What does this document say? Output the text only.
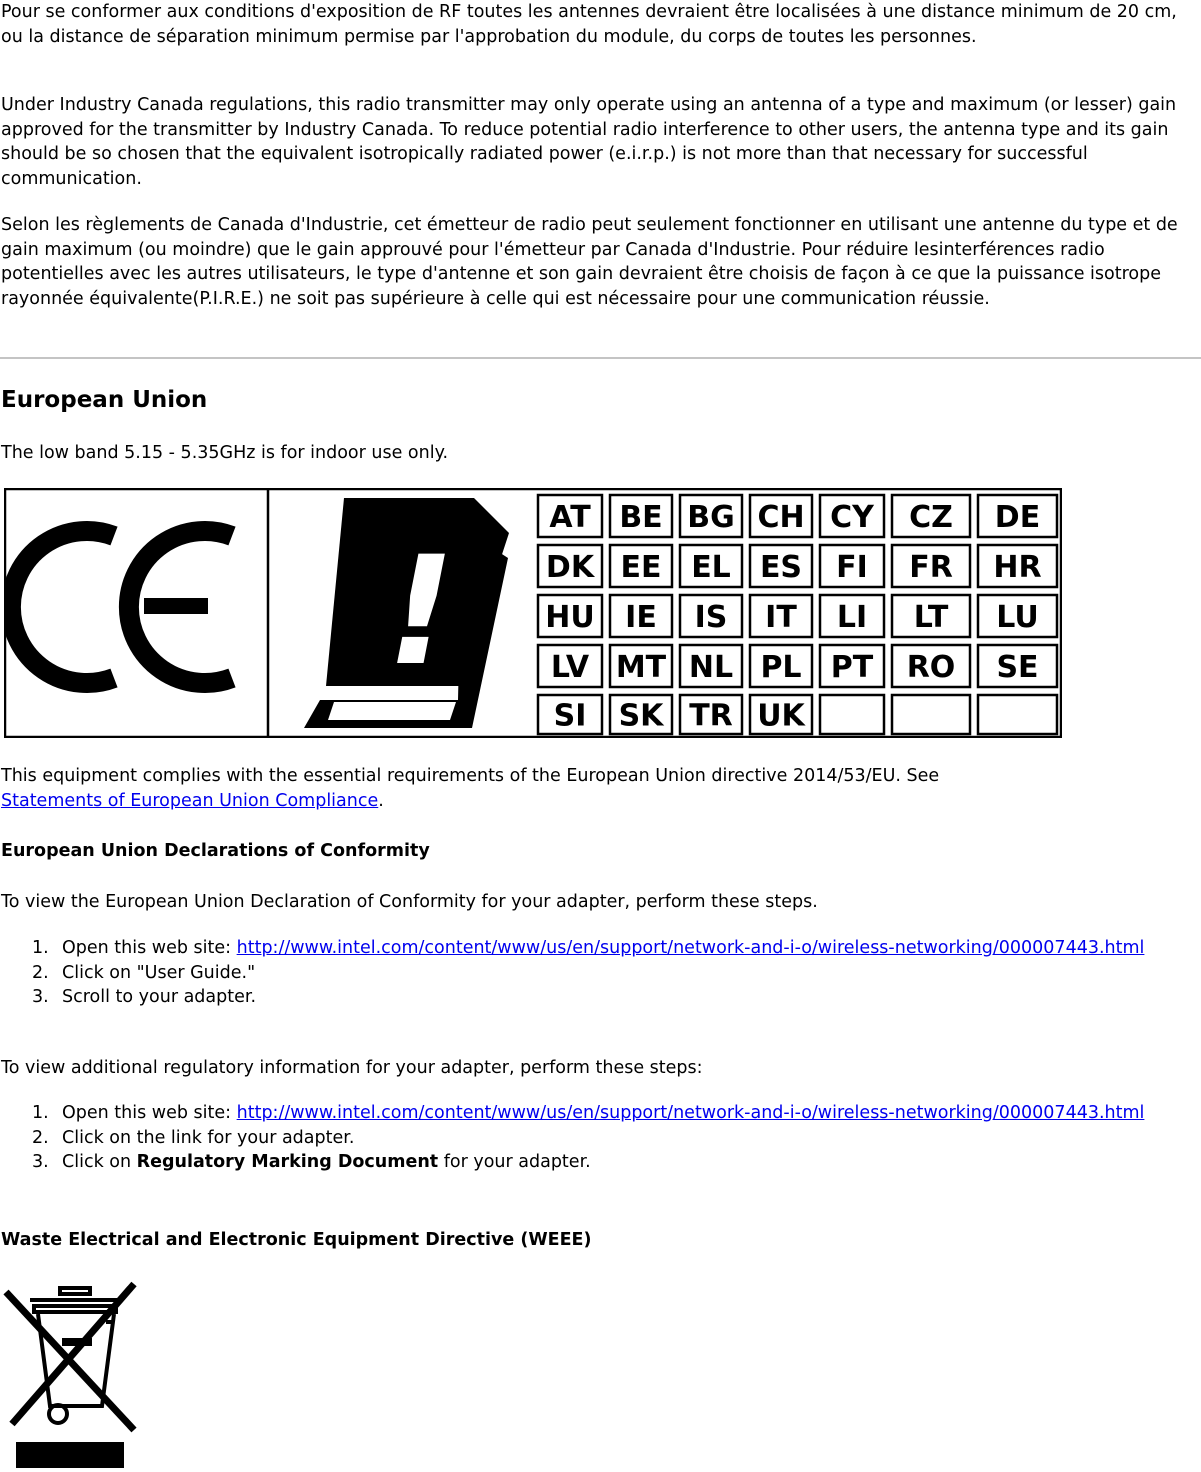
Pour se conformer aux conditions d'exposition de RF toutes les antennes devraient être localisées à une distance minimum de 20 cm, ou la distance de séparation minimum permise par l'approbation du module, du corps de toutes les personnes.

Under Industry Canada regulations, this radio transmitter may only operate using an antenna of a type and maximum (or lesser) gain approved for the transmitter by Industry Canada. To reduce potential radio interference to other users, the antenna type and its gain should be so chosen that the equivalent isotropically radiated power (e.i.r.p.) is not more than that necessary for successful communication.

Selon les règlements de Canada d'Industrie, cet émetteur de radio peut seulement fonctionner en utilisant une antenne du type et de gain maximum (ou moindre) que le gain approuvé pour l'émetteur par Canada d'Industrie. Pour réduire lesinterférences radio potentielles avec les autres utilisateurs, le type d'antenne et son gain devraient être choisis de façon à ce que la puissance isotrope rayonnée équivalente(P.I.R.E.) ne soit pas supérieure à celle qui est nécessaire pour une communication réussie.

European Union

The low band 5.15 - 5.35GHz is for indoor use only.

!
AT BE BG CH CY CZ DE
DK EE EL ES FI FR HR
HU IE IS IT LI LT LU
LV MT NL PL PT RO SE
SI SK TR UK

This equipment complies with the essential requirements of the European Union directive 2014/53/EU. See
Statements of European Union Compliance.

European Union Declarations of Conformity

To view the European Union Declaration of Conformity for your adapter, perform these steps.

1. Open this web site: http://www.intel.com/content/www/us/en/support/network-and-i-o/wireless-networking/000007443.html
2. Click on "User Guide."
3. Scroll to your adapter.

To view additional regulatory information for your adapter, perform these steps:

1. Open this web site: http://www.intel.com/content/www/us/en/support/network-and-i-o/wireless-networking/000007443.html
2. Click on the link for your adapter.
3. Click on Regulatory Marking Document for your adapter.
Waste Electrical and Electronic Equipment Directive (WEEE)
